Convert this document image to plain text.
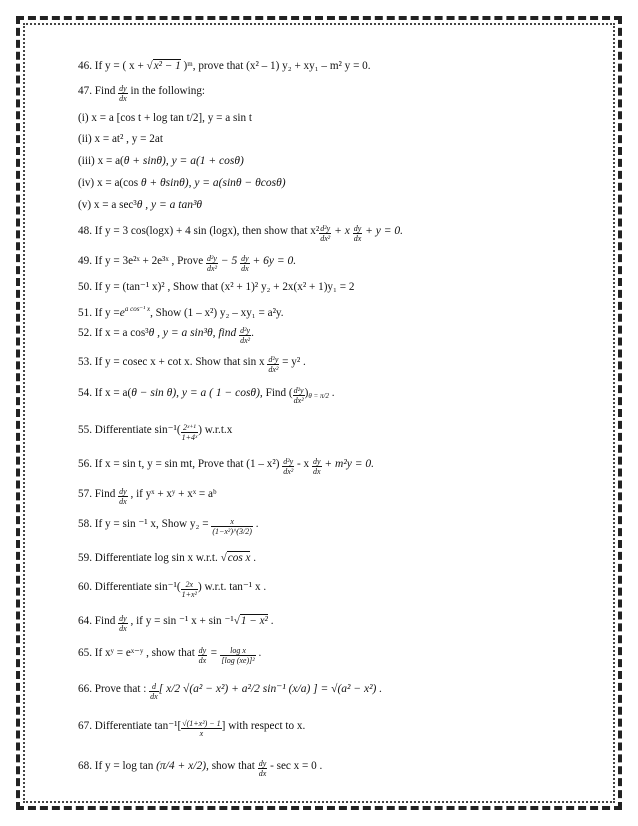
46. If y = ( x + √x² − 1 )ᵐ, prove that (x² – 1) y₂ + xy₁ – m² y = 0.

47. Find $\frac{dy}{dx}$ in the following:

(i) x = a [cos t + log tan t/2], y = a sin t

(ii) x = at² , y = 2at

(iii) x = a(θ + sinθ), y = a(1 + cosθ)

(iv) x = a(cos θ + θsinθ), y = a(sinθ − θcosθ)

(v) x = a sec³θ , y = a tan³θ

48. If y = 3 cos(logx) + 4 sin (logx), then show that $x^2 \frac{\text{d²y}}{\text{dx²}} + x \frac{dy}{dx} + y = 0$.

49. If y = 3e²ˣ + 2e³ˣ , Prove $\frac{\text{d²y}}{\text{dx²}} - 5 \frac{dy}{dx} + 6y = 0$.

50. If y = (tan⁻¹ x)² , Show that (x² + 1)² y₂ + 2x(x² + 1)y₁ = 2

51. If $y =e^{a cos^{-1} x}$, Show (1 – x²) y₂ – xy₁ = a²y.

52. If x = a cos³θ , y = a sin³θ, find $\frac{\text{d²y}}{\text{dx²}}$ .

53. If y = cosec x + cot x. Show that sin x $\frac{\text{d²y}}{\text{dx²}} = y^2$ .

54. If x = a(θ − sin θ), y = a ( 1 − cosθ), Find ( $\frac{\text{d²y}}{\text{dx²}} )_{\theta = \pi/2}$ .

55. Differentiate $\sin^{-1}( \frac{\text{2ˣ⁺¹}}{\text{1+4ˣ}}$ ) w.r.t.x

56. If x = sin t, y = sin mt, Prove that $(1 - x^2) \frac{\text{d²y}}{\text{dx²}} - x \frac{dy}{dx} + m^2y = 0$.

57. Find $\frac{dy}{dx}$ , if yˣ + xʸ + xˣ = aᵇ

58. If y = sin ⁻¹ x, Show $y_2 = \frac{x}{\text{(1−x²)\textasciicircum{}(3/2)}}$ .

59. Differentiate log sin x w.r.t. √cos x .

60. Differentiate $\sin^{-1}( \frac{2x}{\text{1+x²}}$ ) w.r.t. tan⁻¹ x .

64. Find $\frac{dy}{dx}$ , if y = sin ⁻¹ x + sin ⁻¹√1 − x² .

65. If xʸ = eˣ⁻ʸ , show that $\frac{dy}{dx} = \frac{\text{log x}}{\text{[log (xe)]²}}$ .

66. Prove that : $\frac{d}{dx}$ [ x/2 √(a² − x²) + a²/2 sin⁻¹ (x/a) ] = √(a² − x²) .

67. Differentiate $\tan^{-1}[ \frac{\text{√(1+x²) − 1}}{x}$ ] with respect to x.

68. If y = log tan (π/4 + x/2), show that $\frac{dy}{dx} - \sec x = 0$ .
